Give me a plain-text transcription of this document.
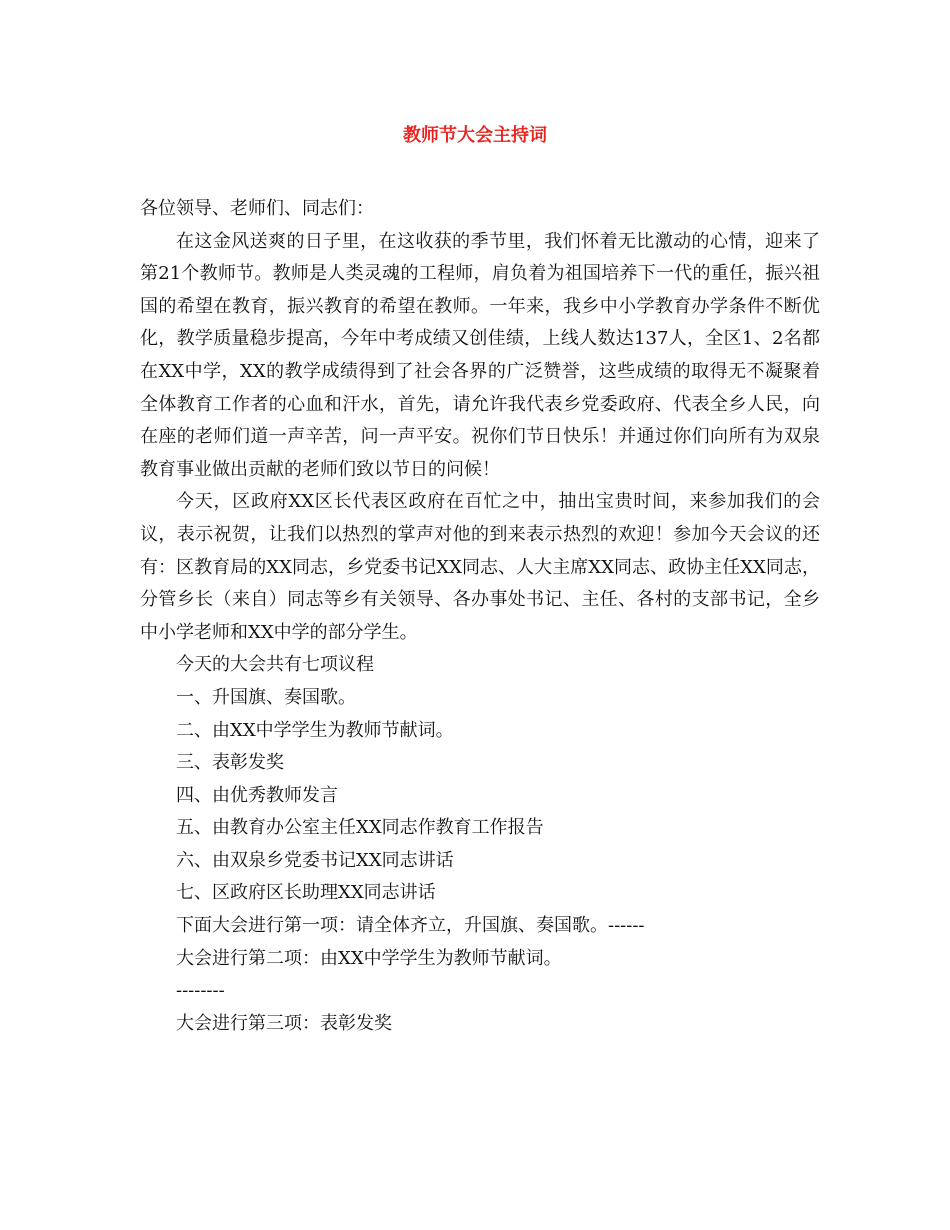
教师节大会主持词

各位领导、老师们、同志们：

在这金风送爽的日子里，在这收获的季节里，我们怀着无比激动的心情，迎来了第21个教师节。教师是人类灵魂的工程师，肩负着为祖国培养下一代的重任，振兴祖国的希望在教育，振兴教育的希望在教师。一年来，我乡中小学教育办学条件不断优化，教学质量稳步提高，今年中考成绩又创佳绩，上线人数达137人，全区1、2名都在XX中学，XX的教学成绩得到了社会各界的广泛赞誉，这些成绩的取得无不凝聚着全体教育工作者的心血和汗水，首先，请允许我代表乡党委政府、代表全乡人民，向在座的老师们道一声辛苦，问一声平安。祝你们节日快乐！并通过你们向所有为双泉教育事业做出贡献的老师们致以节日的问候！

今天，区政府XX区长代表区政府在百忙之中，抽出宝贵时间，来参加我们的会议，表示祝贺，让我们以热烈的掌声对他的到来表示热烈的欢迎！参加今天会议的还有：区教育局的XX同志，乡党委书记XX同志、人大主席XX同志、政协主任XX同志，分管乡长（来自）同志等乡有关领导、各办事处书记、主任、各村的支部书记，全乡中小学老师和XX中学的部分学生。

今天的大会共有七项议程

一、升国旗、奏国歌。

二、由XX中学学生为教师节献词。

三、表彰发奖

四、由优秀教师发言

五、由教育办公室主任XX同志作教育工作报告

六、由双泉乡党委书记XX同志讲话

七、区政府区长助理XX同志讲话

下面大会进行第一项：请全体齐立，升国旗、奏国歌。------

大会进行第二项：由XX中学学生为教师节献词。

--------

大会进行第三项：表彰发奖
